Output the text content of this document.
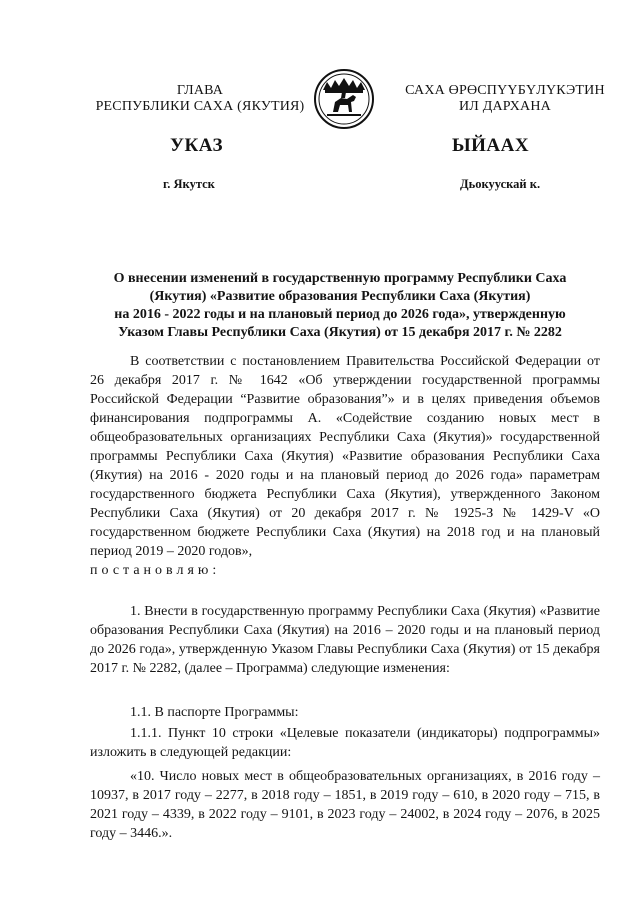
ГЛАВА
РЕСПУБЛИКИ САХА (ЯКУТИЯ)
САХА ӨРӨСПҮҮБҮЛҮКЭТИН
ИЛ ДАРХАНА
УКАЗ	ЫЙААХ
г. Якутск	Дьокуускай к.
О внесении изменений в государственную программу Республики Саха
(Якутия) «Развитие образования Республики Саха (Якутия)
на 2016 - 2022 годы и на плановый период до 2026 года», утвержденную
Указом Главы Республики Саха (Якутия) от 15 декабря 2017 г. № 2282
В соответствии с постановлением Правительства Российской Федерации от 26 декабря 2017 г. № 1642 «Об утверждении государственной программы Российской Федерации “Развитие образования”» и в целях приведения объемов финансирования подпрограммы А. «Содействие созданию новых мест в общеобразовательных организациях Республики Саха (Якутия)» государственной программы Республики Саха (Якутия) «Развитие образования Республики Саха (Якутия) на 2016 - 2020 годы и на плановый период до 2026 года» параметрам государственного бюджета Республики Саха (Якутия), утвержденного Законом Республики Саха (Якутия) от 20 декабря 2017 г. № 1925-З № 1429-V «О государственном бюджете Республики Саха (Якутия) на 2018 год и на плановый период 2019 – 2020 годов»,
постановляю:
1. Внести в государственную программу Республики Саха (Якутия) «Развитие образования Республики Саха (Якутия) на 2016 – 2020 годы и на плановый период до 2026 года», утвержденную Указом Главы Республики Саха (Якутия) от 15 декабря 2017 г. № 2282, (далее – Программа) следующие изменения:
1.1. В паспорте Программы:
1.1.1. Пункт 10 строки «Целевые показатели (индикаторы) подпрограммы» изложить в следующей редакции:
«10. Число новых мест в общеобразовательных организациях, в 2016 году – 10937, в 2017 году – 2277, в 2018 году – 1851, в 2019 году – 610, в 2020 году – 715, в 2021 году – 4339, в 2022 году – 9101, в 2023 году – 24002, в 2024 году – 2076, в 2025 году – 3446.».
